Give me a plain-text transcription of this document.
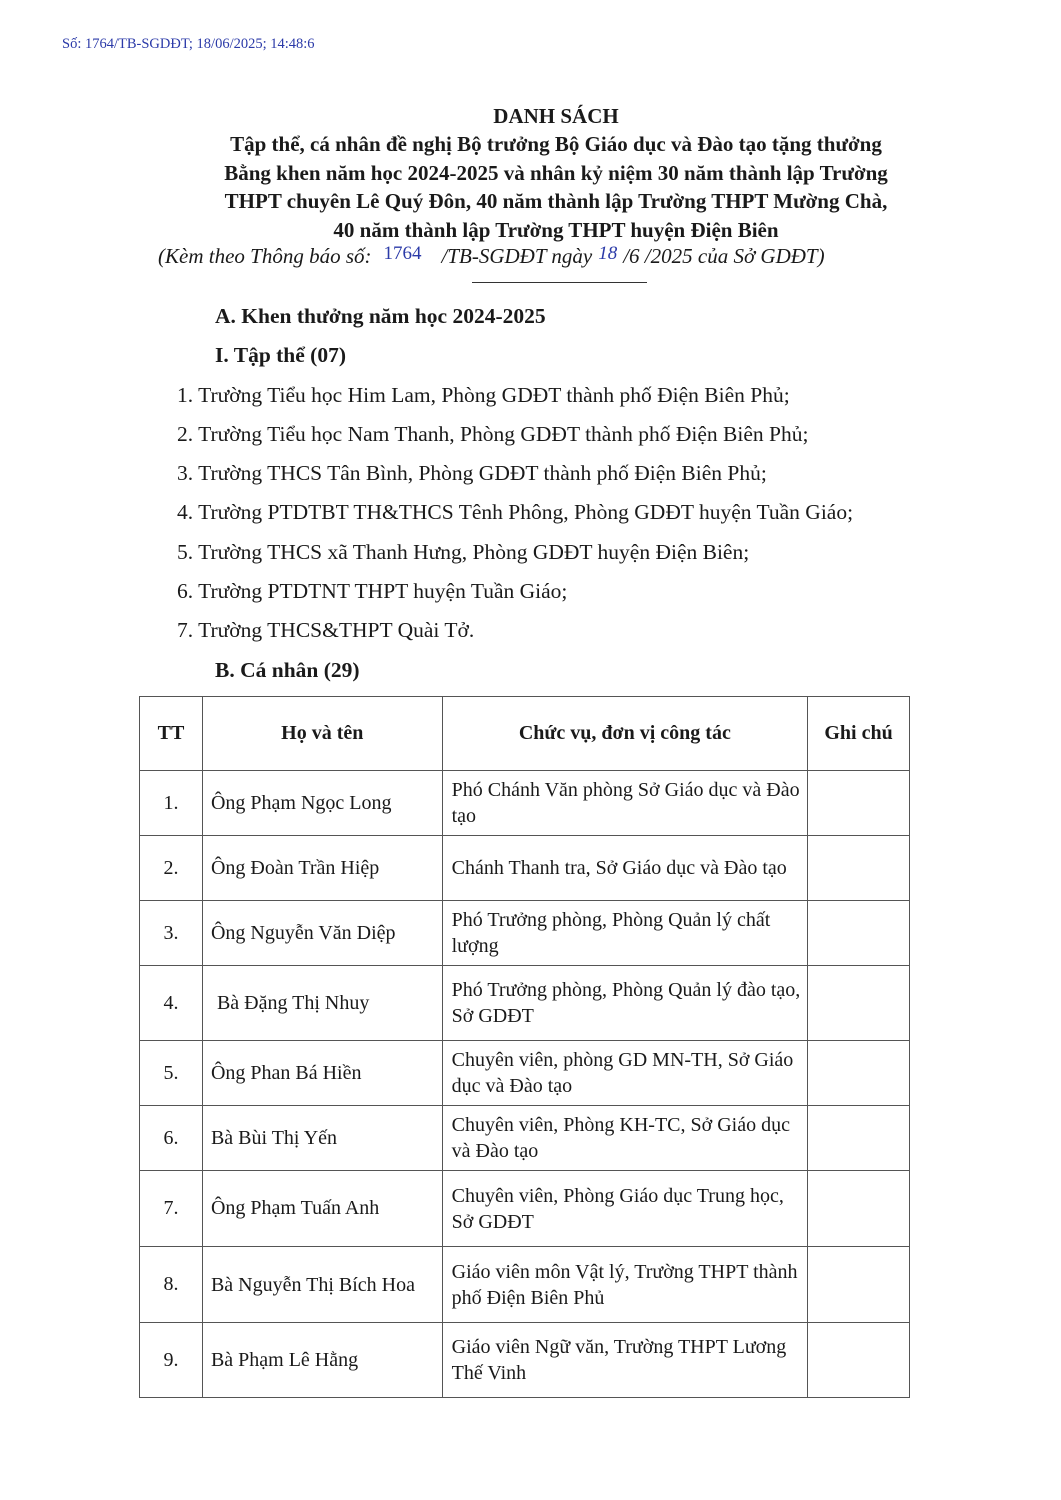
Số: 1764/TB-SGDĐT; 18/06/2025; 14:48:6
DANH SÁCH
Tập thể, cá nhân đề nghị Bộ trưởng Bộ Giáo dục và Đào tạo tặng thưởng
Bằng khen năm học 2024-2025 và nhân kỷ niệm 30 năm thành lập Trường
THPT chuyên Lê Quý Đôn, 40 năm thành lập Trường THPT Mường Chà,
40 năm thành lập Trường THPT huyện Điện Biên
(Kèm theo Thông báo số: 1764 /TB-SGDĐT ngày 18 /6 /2025 của Sở GDĐT)
A. Khen thưởng năm học 2024-2025
I. Tập thể (07)
1. Trường Tiểu học Him Lam, Phòng GDĐT thành phố Điện Biên Phủ;
2. Trường Tiểu học Nam Thanh, Phòng GDĐT thành phố Điện Biên Phủ;
3. Trường THCS Tân Bình, Phòng GDĐT thành phố Điện Biên Phủ;
4. Trường PTDTBT TH&THCS Tênh Phông, Phòng GDĐT huyện Tuần Giáo;
5. Trường THCS xã Thanh Hưng, Phòng GDĐT huyện Điện Biên;
6. Trường PTDTNT THPT huyện Tuần Giáo;
7. Trường THCS&THPT Quài Tở.
B. Cá nhân (29)
TT	Họ và tên	Chức vụ, đơn vị công tác	Ghi chú
1.	Ông Phạm Ngọc Long	Phó Chánh Văn phòng Sở Giáo dục và Đào tạo	
2.	Ông Đoàn Trần Hiệp	Chánh Thanh tra, Sở Giáo dục và Đào tạo	
3.	Ông Nguyễn Văn Diệp	Phó Trưởng phòng, Phòng Quản lý chất lượng	
4.	Bà Đặng Thị Nhuy	Phó Trưởng phòng, Phòng Quản lý đào tạo, Sở GDĐT	
5.	Ông Phan Bá Hiền	Chuyên viên, phòng GD MN-TH, Sở Giáo dục và Đào tạo	
6.	Bà Bùi Thị Yến	Chuyên viên, Phòng KH-TC, Sở Giáo dục và Đào tạo	
7.	Ông Phạm Tuấn Anh	Chuyên viên, Phòng Giáo dục Trung học, Sở GDĐT	
8.	Bà Nguyễn Thị Bích Hoa	Giáo viên môn Vật lý, Trường THPT thành phố Điện Biên Phủ	
9.	Bà Phạm Lê Hằng	Giáo viên Ngữ văn, Trường THPT Lương Thế Vinh	
